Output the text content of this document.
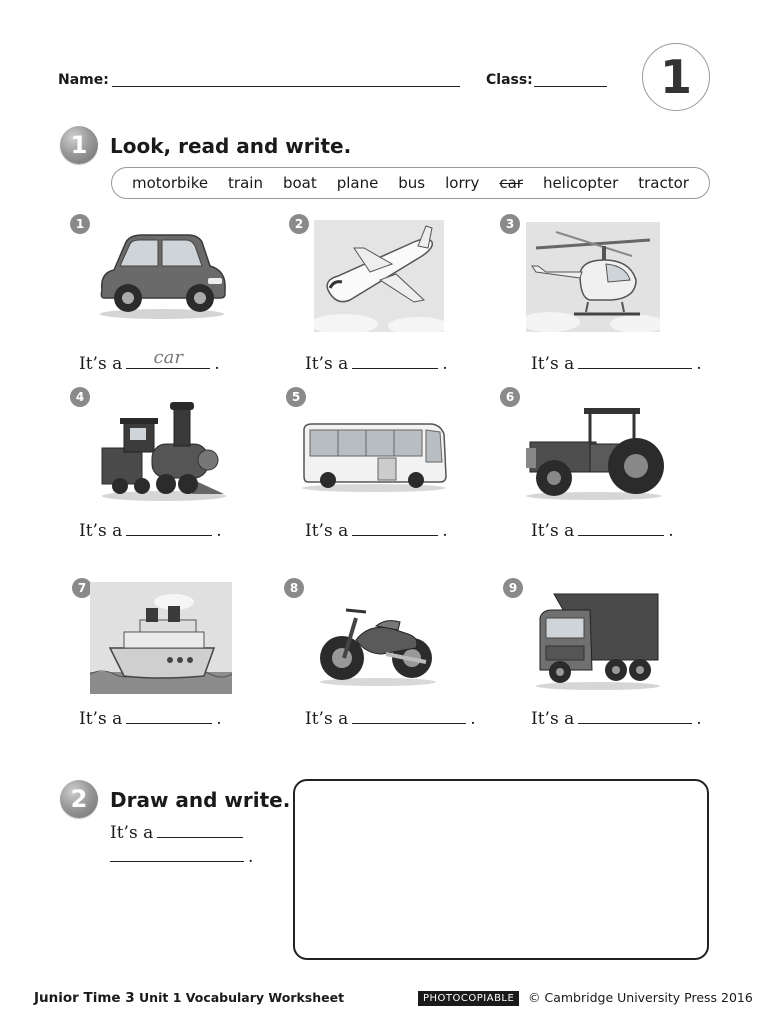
Name:	Class:	1
1	Look, read and write.
motorbike train boat plane bus lorry car helicopter tractor
1
It’s a	car	.
2
It’s a	.
3
It’s a	.
4
It’s a	.
5
It’s a	.
6
It’s a	.
7
It’s a	.
8
It’s a	.
9
It’s a	.
2	Draw and write.
It’s a
.
Junior Time 3 Unit 1 Vocabulary Worksheet	PHOTOCOPIABLE	© Cambridge University Press 2016
